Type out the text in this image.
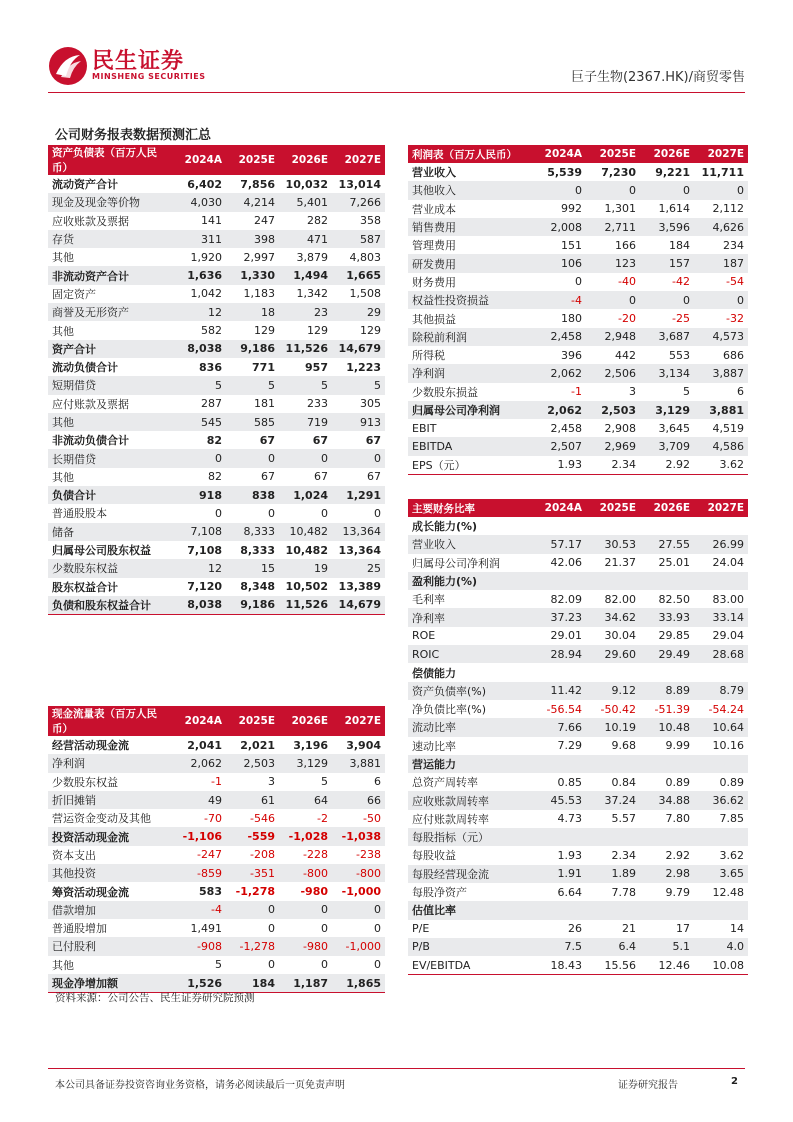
民生证券
MINSHENG SECURITIES	巨子生物(2367.HK)/商贸零售
公司财务报表数据预测汇总
资产负债表（百万人民币）	2024A	2025E	2026E	2027E
流动资产合计	6,402	7,856	10,032	13,014
现金及现金等价物	4,030	4,214	5,401	7,266
应收账款及票据	141	247	282	358
存货	311	398	471	587
其他	1,920	2,997	3,879	4,803
非流动资产合计	1,636	1,330	1,494	1,665
固定资产	1,042	1,183	1,342	1,508
商誉及无形资产	12	18	23	29
其他	582	129	129	129
资产合计	8,038	9,186	11,526	14,679
流动负债合计	836	771	957	1,223
短期借贷	5	5	5	5
应付账款及票据	287	181	233	305
其他	545	585	719	913
非流动负债合计	82	67	67	67
长期借贷	0	0	0	0
其他	82	67	67	67
负债合计	918	838	1,024	1,291
普通股股本	0	0	0	0
储备	7,108	8,333	10,482	13,364
归属母公司股东权益	7,108	8,333	10,482	13,364
少数股东权益	12	15	19	25
股东权益合计	7,120	8,348	10,502	13,389
负债和股东权益合计	8,038	9,186	11,526	14,679
利润表（百万人民币）	2024A	2025E	2026E	2027E
营业收入	5,539	7,230	9,221	11,711
其他收入	0	0	0	0
营业成本	992	1,301	1,614	2,112
销售费用	2,008	2,711	3,596	4,626
管理费用	151	166	184	234
研发费用	106	123	157	187
财务费用	0	-40	-42	-54
权益性投资损益	-4	0	0	0
其他损益	180	-20	-25	-32
除税前利润	2,458	2,948	3,687	4,573
所得税	396	442	553	686
净利润	2,062	2,506	3,134	3,887
少数股东损益	-1	3	5	6
归属母公司净利润	2,062	2,503	3,129	3,881
EBIT	2,458	2,908	3,645	4,519
EBITDA	2,507	2,969	3,709	4,586
EPS（元）	1.93	2.34	2.92	3.62
主要财务比率	2024A	2025E	2026E	2027E
成长能力(%)				
营业收入	57.17	30.53	27.55	26.99
归属母公司净利润	42.06	21.37	25.01	24.04
盈利能力(%)				
毛利率	82.09	82.00	82.50	83.00
净利率	37.23	34.62	33.93	33.14
ROE	29.01	30.04	29.85	29.04
ROIC	28.94	29.60	29.49	28.68
偿债能力				
资产负债率(%)	11.42	9.12	8.89	8.79
净负债比率(%)	-56.54	-50.42	-51.39	-54.24
流动比率	7.66	10.19	10.48	10.64
速动比率	7.29	9.68	9.99	10.16
营运能力				
总资产周转率	0.85	0.84	0.89	0.89
应收账款周转率	45.53	37.24	34.88	36.62
应付账款周转率	4.73	5.57	7.80	7.85
每股指标（元）				
每股收益	1.93	2.34	2.92	3.62
每股经营现金流	1.91	1.89	2.98	3.65
每股净资产	6.64	7.78	9.79	12.48
估值比率				
P/E	26	21	17	14
P/B	7.5	6.4	5.1	4.0
EV/EBITDA	18.43	15.56	12.46	10.08
现金流量表（百万人民币）	2024A	2025E	2026E	2027E
经营活动现金流	2,041	2,021	3,196	3,904
净利润	2,062	2,503	3,129	3,881
少数股东权益	-1	3	5	6
折旧摊销	49	61	64	66
营运资金变动及其他	-70	-546	-2	-50
投资活动现金流	-1,106	-559	-1,028	-1,038
资本支出	-247	-208	-228	-238
其他投资	-859	-351	-800	-800
筹资活动现金流	583	-1,278	-980	-1,000
借款增加	-4	0	0	0
普通股增加	1,491	0	0	0
已付股利	-908	-1,278	-980	-1,000
其他	5	0	0	0
现金净增加额	1,526	184	1,187	1,865
资料来源：公司公告、民生证券研究院预测
本公司具备证券投资咨询业务资格，请务必阅读最后一页免责声明	证券研究报告	2
